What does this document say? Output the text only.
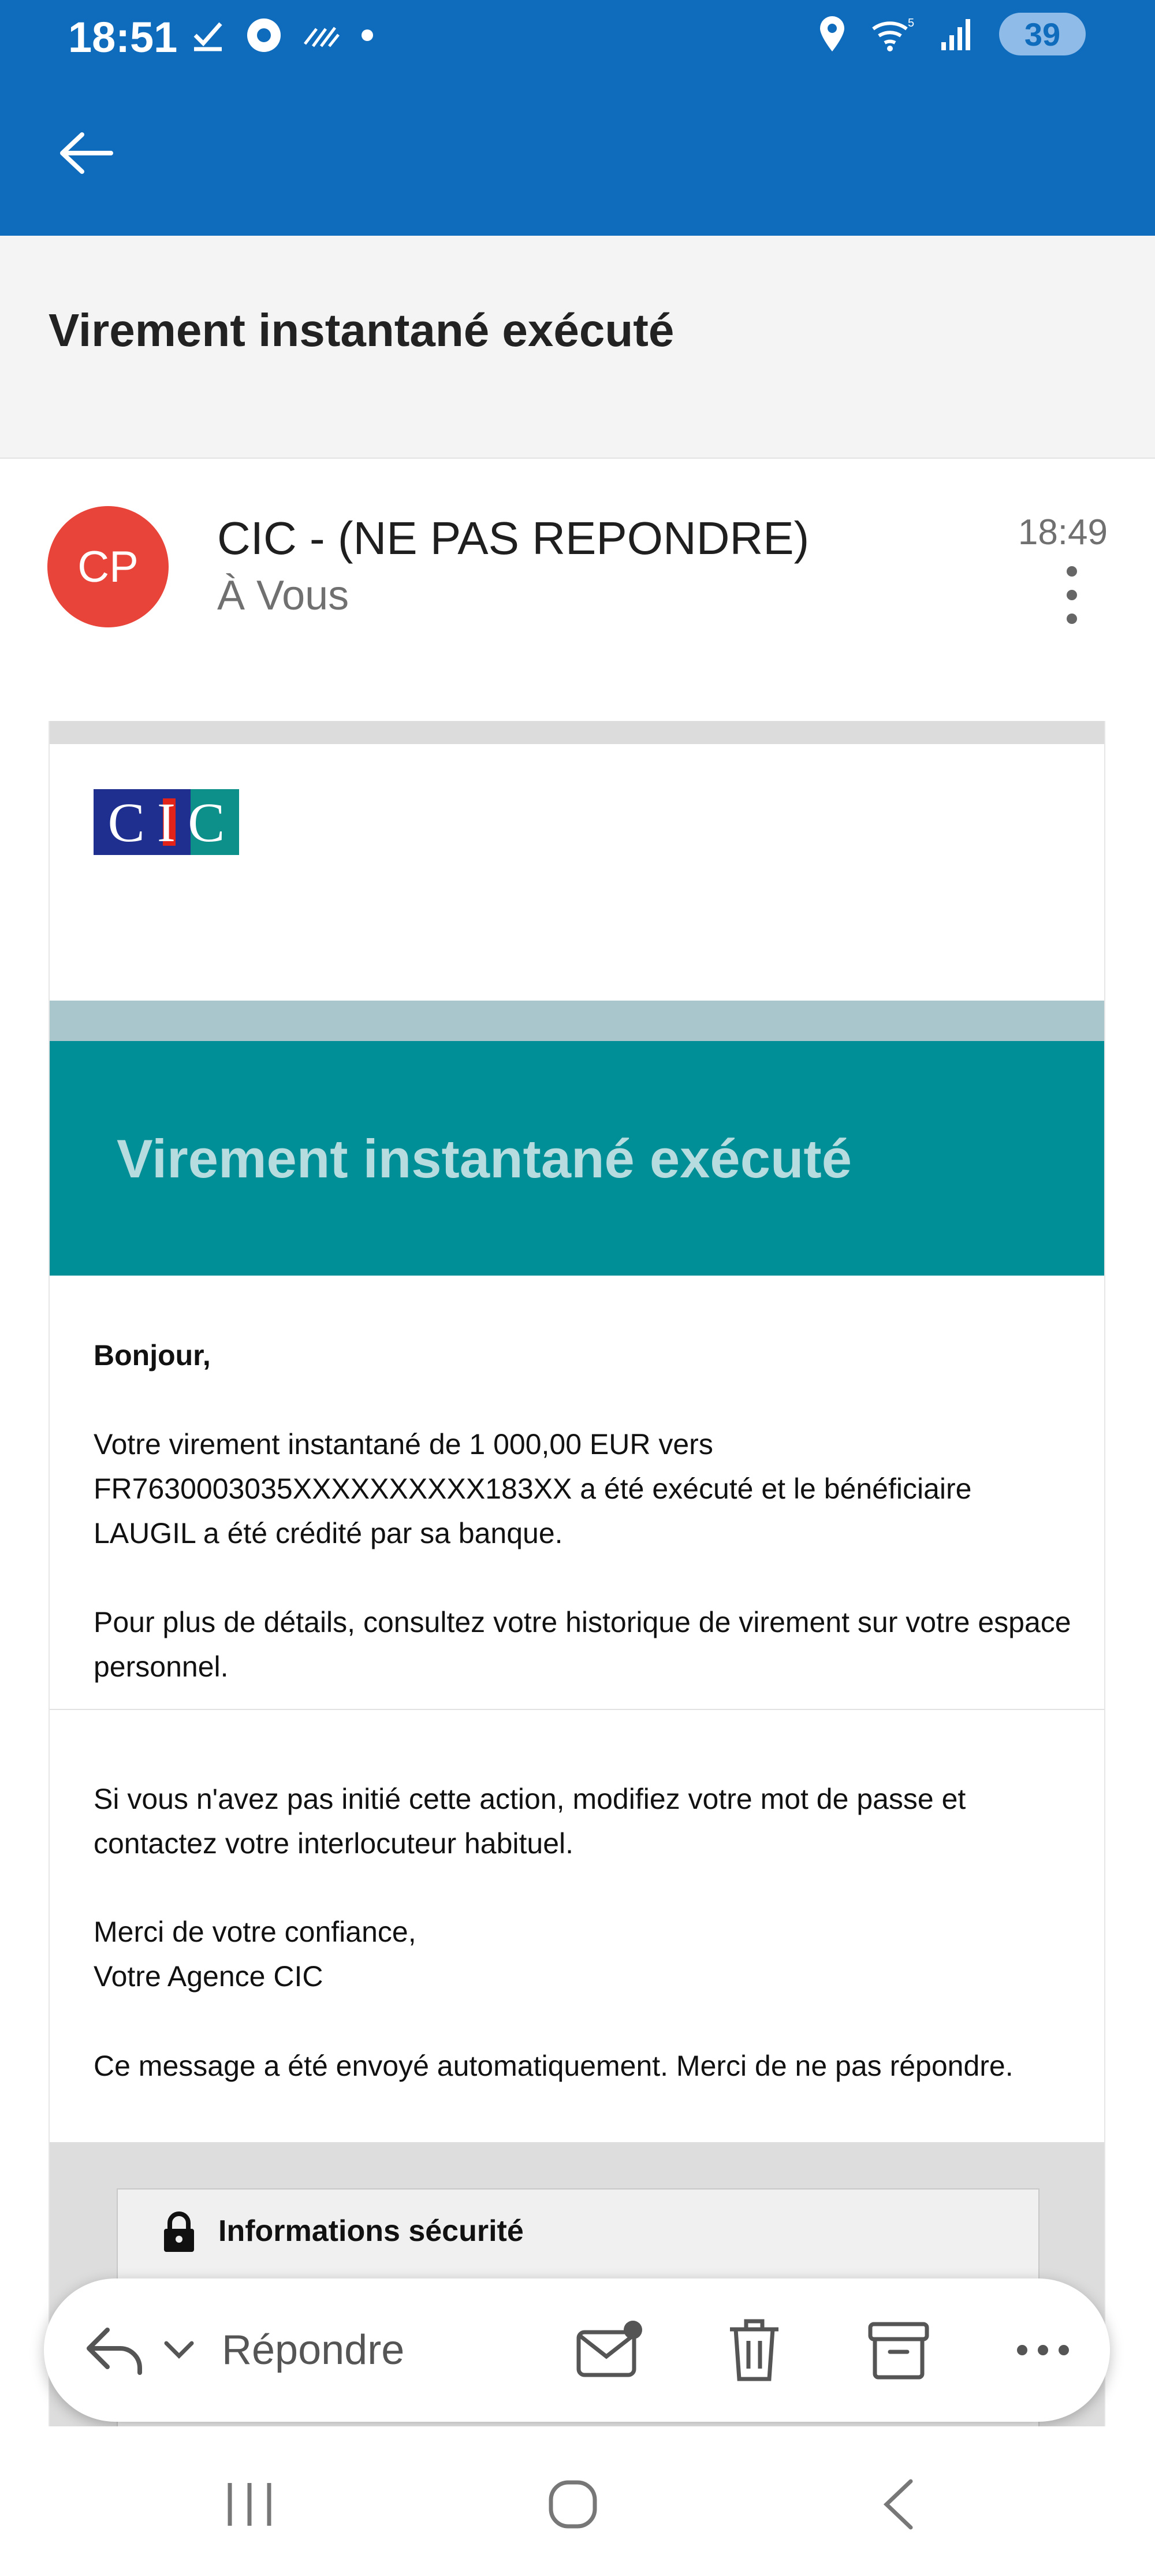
18:51	5	39
Virement instantané exécuté
CP
CIC - (NE PAS REPONDRE)
À Vous
18:49
C I C
Virement instantané exécuté
Bonjour,
Votre virement instantané de 1 000,00 EUR vers FR7630003035XXXXXXXXXX183XX a été exécuté et le bénéficiaire LAUGIL a été crédité par sa banque.
Pour plus de détails, consultez votre historique de virement sur votre espace personnel.
Si vous n'avez pas initié cette action, modifiez votre mot de passe et contactez votre interlocuteur habituel.
Merci de votre confiance,
Votre Agence CIC
Ce message a été envoyé automatiquement. Merci de ne pas répondre.
Informations sécurité
Répondre
